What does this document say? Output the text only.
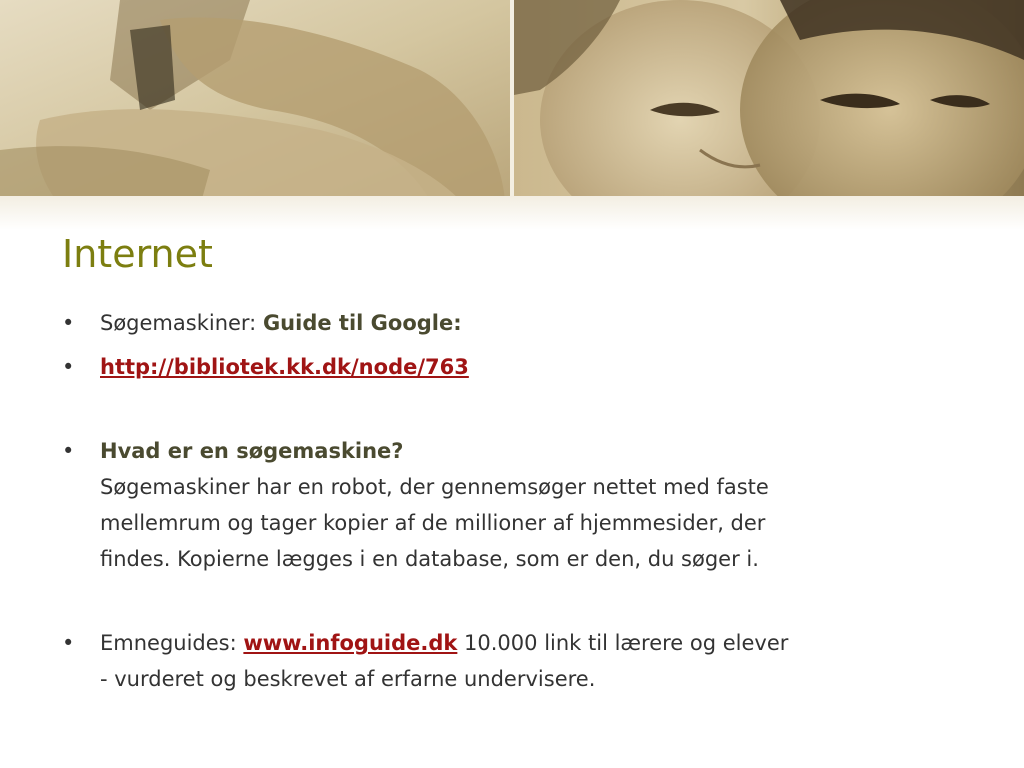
Internet
•	Søgemaskiner: Guide til Google:
•	http://bibliotek.kk.dk/node/763
•	Hvad er en søgemaskine?
Søgemaskiner har en robot, der gennemsøger nettet med faste
mellemrum og tager kopier af de millioner af hjemmesider, der
findes. Kopierne lægges i en database, som er den, du søger i.
•	Emneguides: www.infoguide.dk 10.000 link til lærere og elever
- vurderet og beskrevet af erfarne undervisere.
